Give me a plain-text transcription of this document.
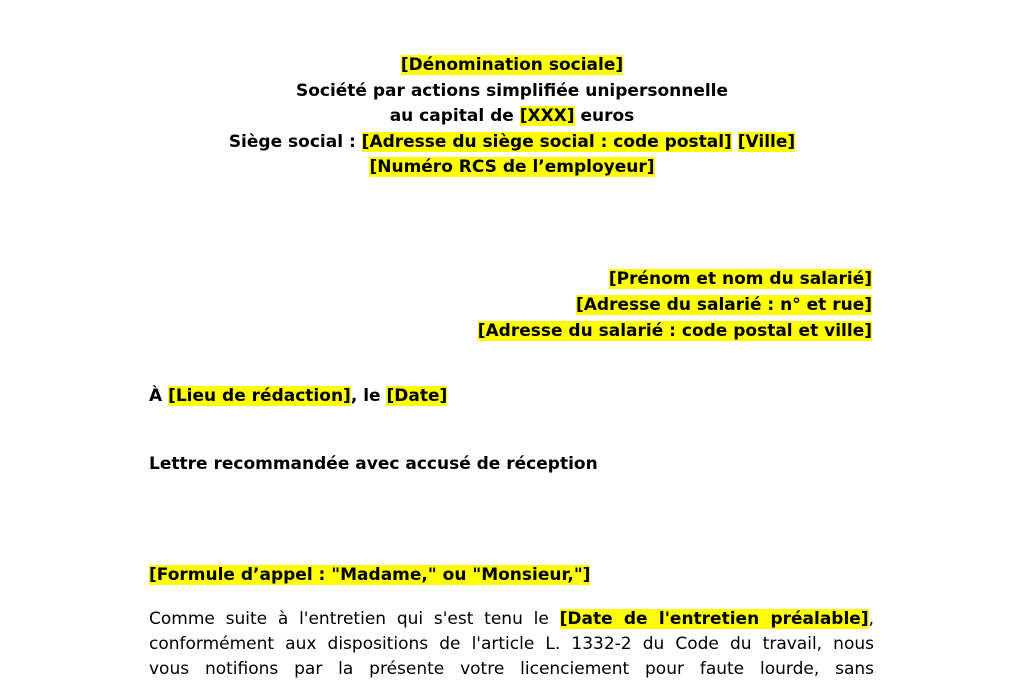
[Dénomination sociale]
Société par actions simplifiée unipersonnelle
au capital de [XXX] euros
Siège social : [Adresse du siège social : code postal] [Ville]
[Numéro RCS de l’employeur]
[Prénom et nom du salarié]
[Adresse du salarié : n° et rue]
[Adresse du salarié : code postal et ville]
À [Lieu de rédaction], le [Date]
Lettre recommandée avec accusé de réception
[Formule d’appel : "Madame," ou "Monsieur,"]
Comme suite à l'entretien qui s'est tenu le [Date de l'entretien préalable],
conformément aux dispositions de l'article L. 1332-2 du Code du travail, nous
vous notifions par la présente votre licenciement pour faute lourde, sans
